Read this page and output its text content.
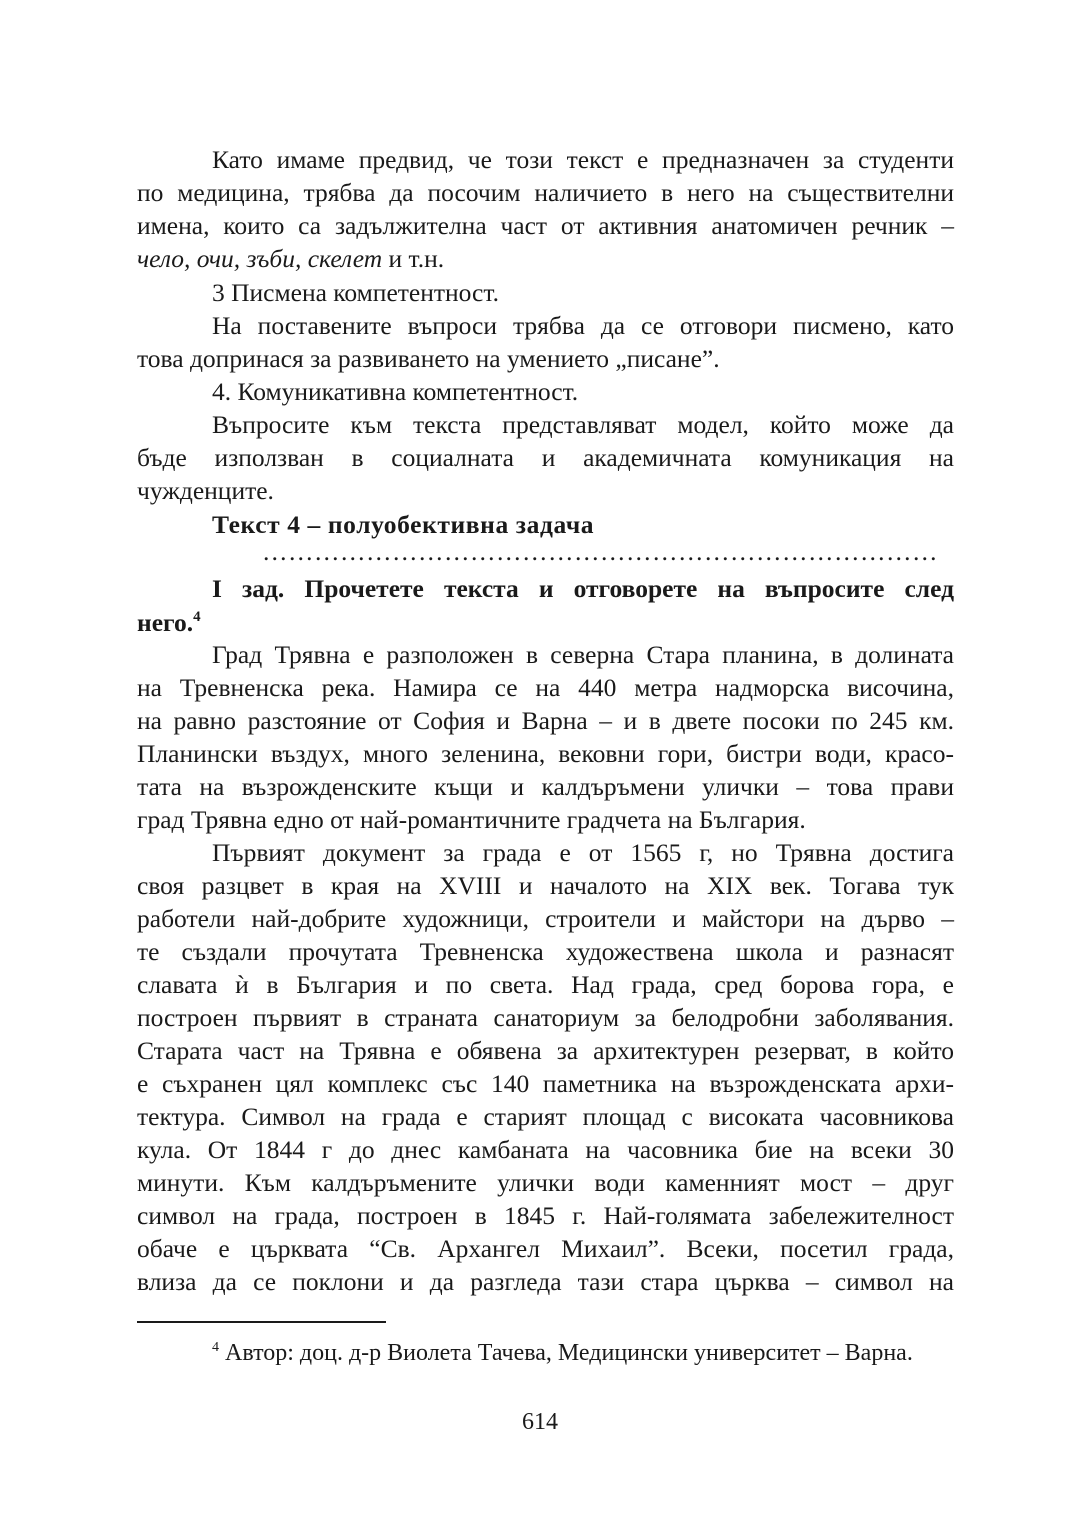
Като имаме предвид, че този текст е предназначен за студенти
по медицина, трябва да посочим наличието в него на съществителни
имена, които са задължителна част от активния анатомичен речник –
чело, очи, зъби, скелет и т.н.
3 Писмена компетентност.
На поставените въпроси трябва да се отговори писмено, като
това допринася за развиването на умението „писане”.
4. Комуникативна компетентност.
Въпросите към текста представляват модел, който може да
бъде използван в социалната и академичната комуникация на
чужденците.
Текст 4 – полуобективна задача
……………………………………………………………………
I зад. Прочетете текста и отговорете на въпросите след
него.$^4$
Град Трявна е разположен в северна Стара планина, в долината
на Тревненска река. Намира се на 440 метра надморска височина,
на равно разстояние от София и Варна – и в двете посоки по 245 км.
Планински въздух, много зеленина, вековни гори, бистри води, красо-
тата на възрожденските къщи и калдъръмени улички – това прави
град Трявна едно от най-романтичните градчета на България.
Първият документ за града е от 1565 г, но Трявна достига
своя разцвет в края на XVIII и началото на XIX век. Тогава тук
работели най-добрите художници, строители и майстори на дърво –
те създали прочутата Тревненска художествена школа и разнасят
славата ѝ в България и по света. Над града, сред борова гора, е
построен първият в страната санаториум за белодробни заболявания.
Старата част на Трявна е обявена за архитектурен резерват, в който
е съхранен цял комплекс със 140 паметника на възрожденската архи-
тектура. Символ на града е старият площад с високата часовникова
кула. От 1844 г до днес камбаната на часовника бие на всеки 30
минути. Към калдъръмените улички води каменният мост – друг
символ на града, построен в 1845 г. Най-голямата забележителност
обаче е църквата “Св. Архангел Михаил”. Всеки, посетил града,
влиза да се поклони и да разгледа тази стара църква – символ на
$^4$ Автор: доц. д-р Виолета Тачева, Медицински университет – Варна.
614
